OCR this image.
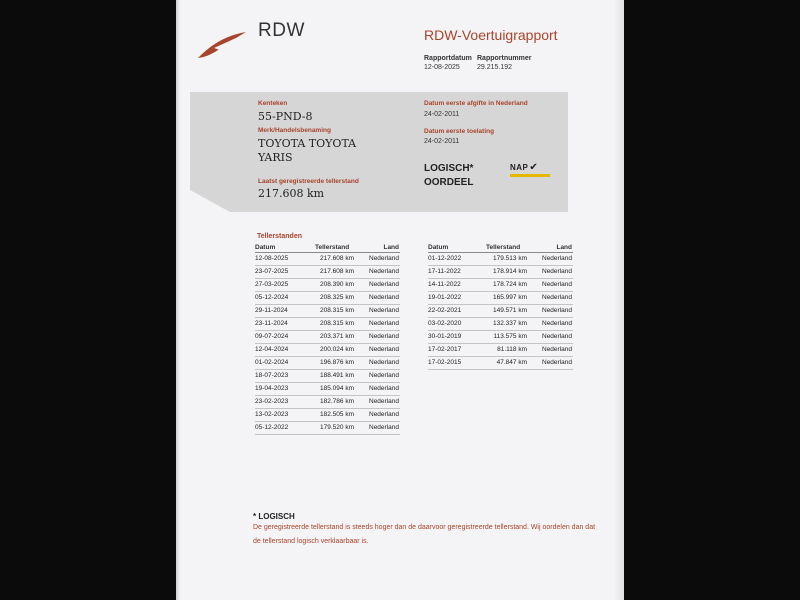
RDW	RDW-Voertuigrapport
Rapportdatum Rapportnummer
12-08-2025 29.215.192
Kenteken
55-PND-8
Merk/Handelsbenaming
TOYOTA TOYOTA
YARIS
Laatst geregistreerde tellerstand
217.608 km
Datum eerste afgifte in Nederland
24-02-2011
Datum eerste toelating
24-02-2011
LOGISCH* OORDEEL
NAP ✔
Tellerstanden
Datum	Tellerstand	Land
12-08-2025	217.608 km Nederland
23-07-2025	217.608 km Nederland
27-03-2025	208.390 km Nederland
05-12-2024	208.325 km Nederland
29-11-2024	208.315 km Nederland
23-11-2024	208.315 km Nederland
09-07-2024	203.371 km Nederland
12-04-2024	200.024 km Nederland
01-02-2024	196.876 km Nederland
18-07-2023	188.491 km Nederland
19-04-2023	185.094 km Nederland
23-02-2023	182.786 km Nederland
13-02-2023	182.505 km Nederland
05-12-2022	179.520 km Nederland
Datum	Tellerstand	Land
01-12-2022	179.513 km Nederland
17-11-2022	178.914 km Nederland
14-11-2022	178.724 km Nederland
19-01-2022	165.997 km Nederland
22-02-2021	149.571 km Nederland
03-02-2020	132.337 km Nederland
30-01-2019	113.575 km Nederland
17-02-2017	81.118 km Nederland
17-02-2015	47.847 km Nederland
* LOGISCH
De geregistreerde tellerstand is steeds hoger dan de daarvoor geregistreerde tellerstand. Wij oordelen dan dat de tellerstand logisch verklaarbaar is.
